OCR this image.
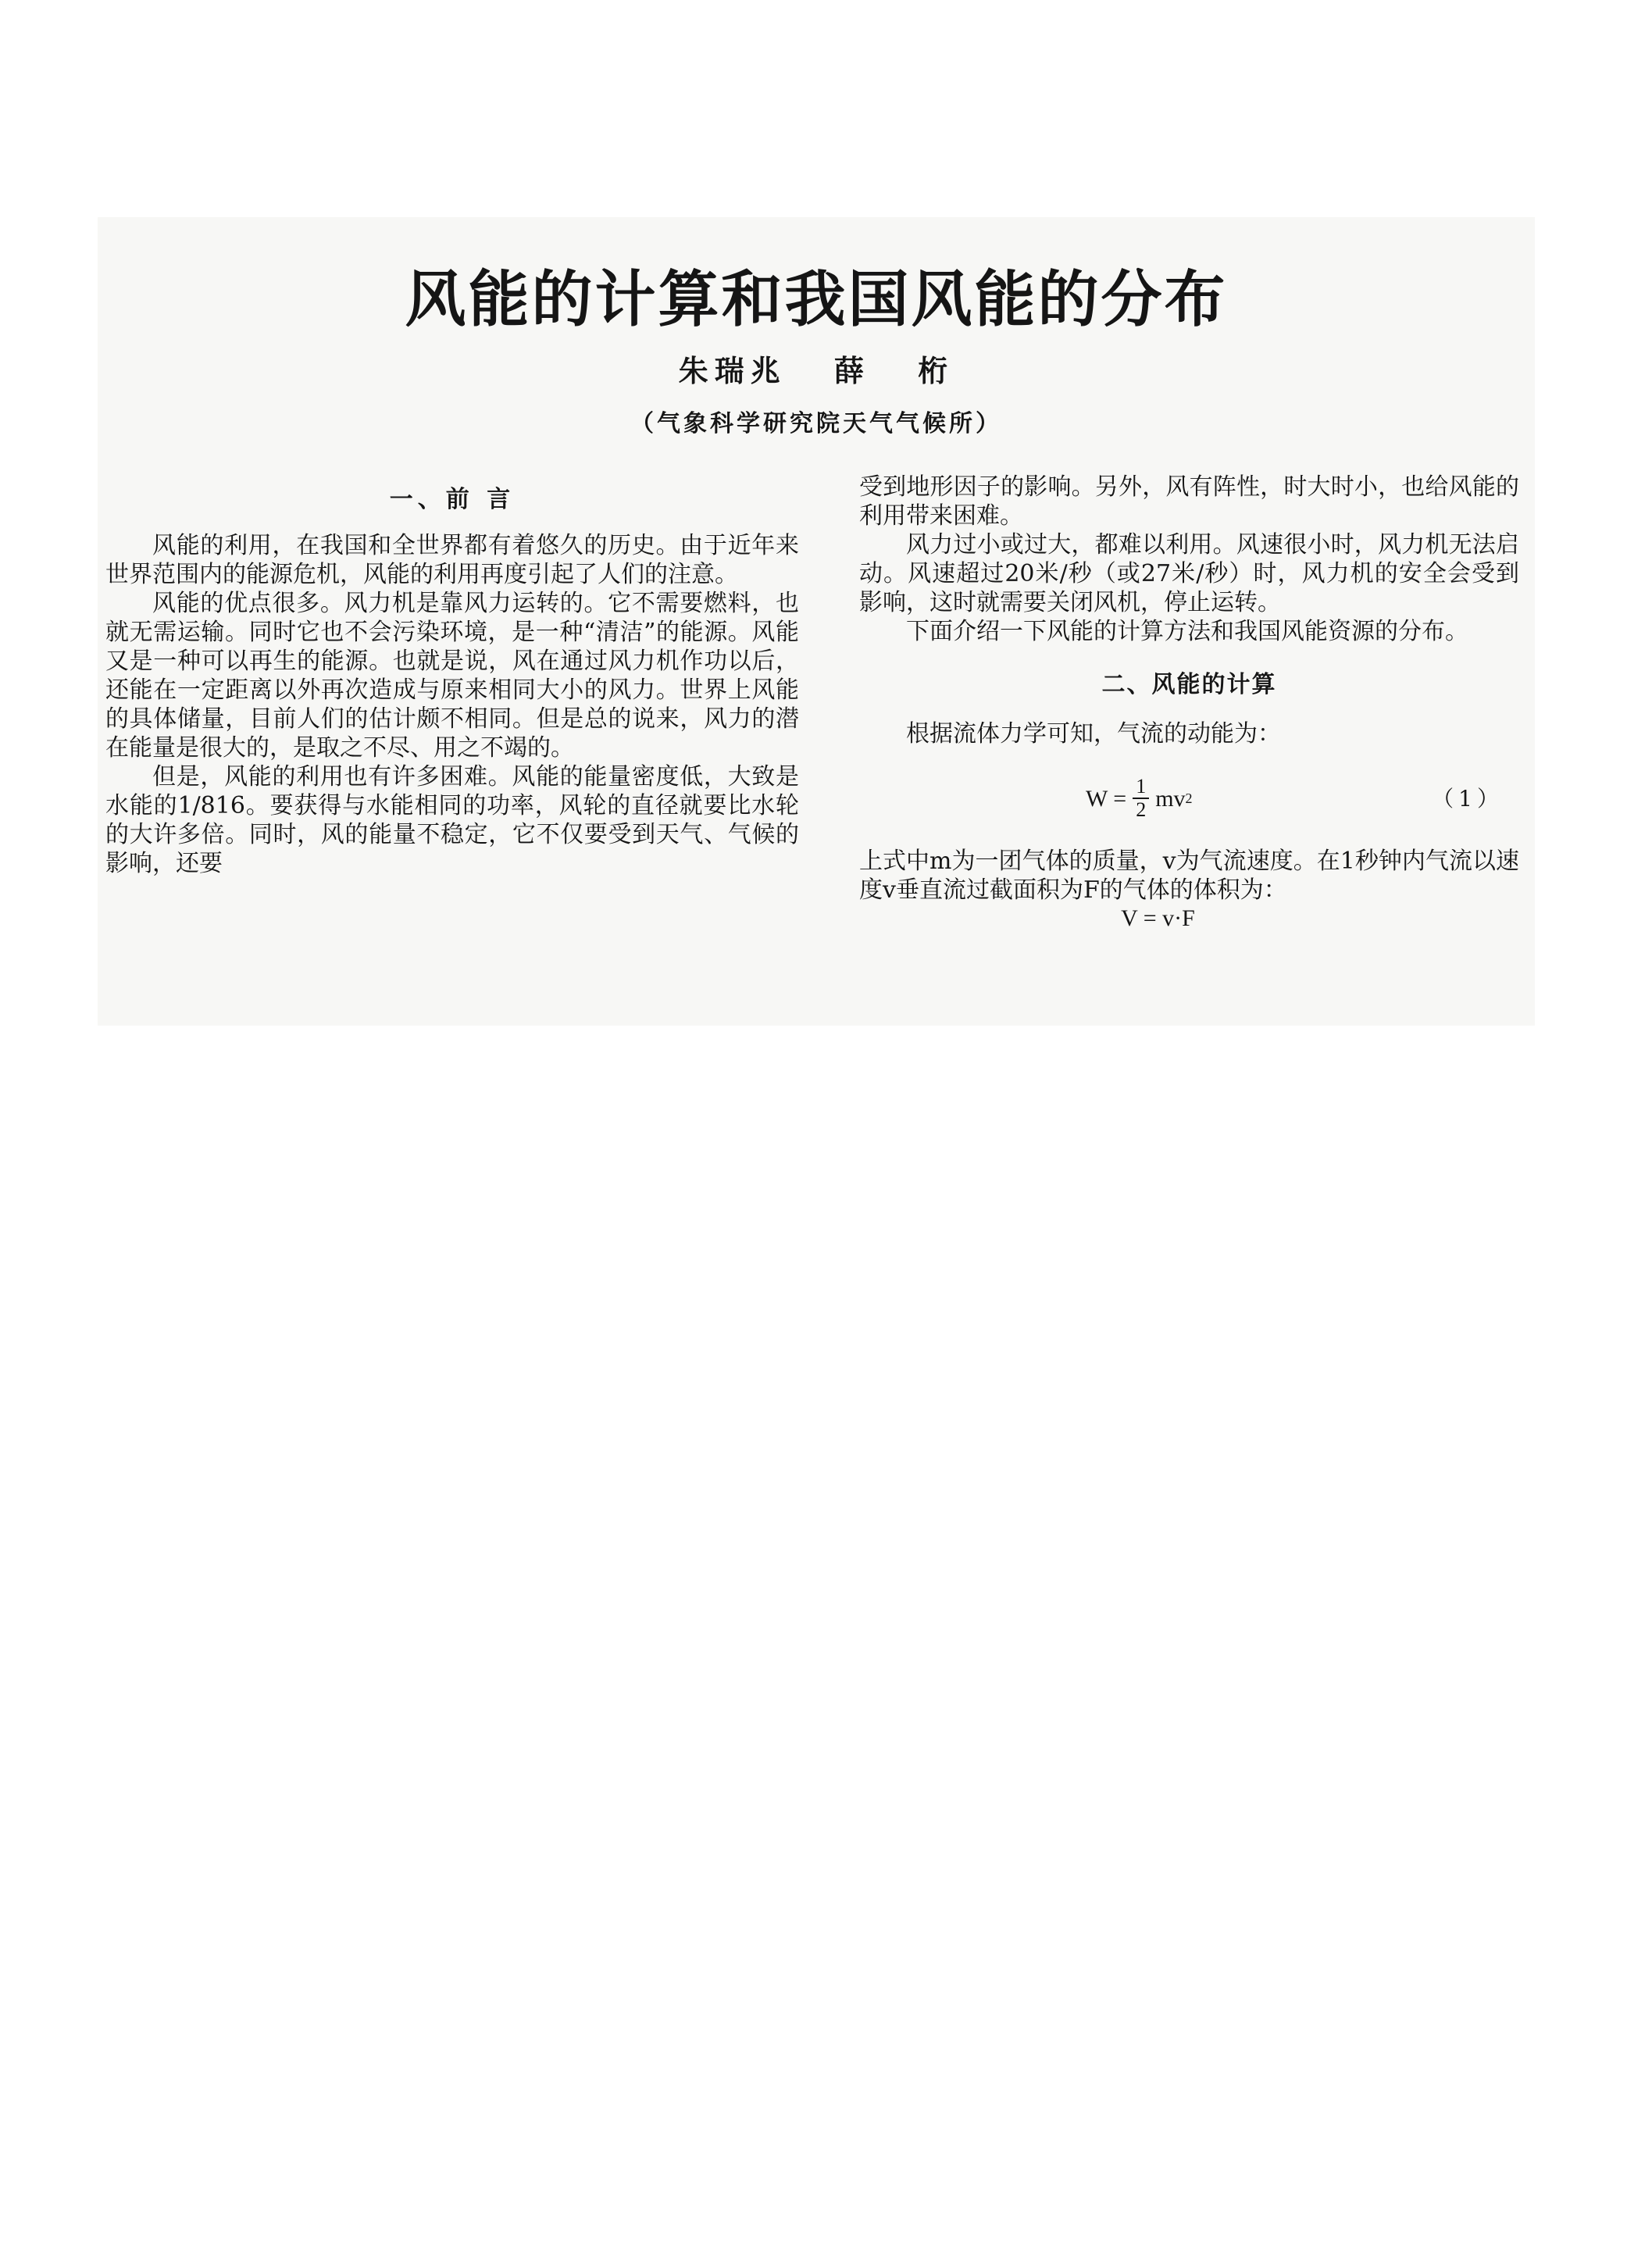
风能的计算和我国风能的分布
朱瑞兆 薛 桁
（气象科学研究院天气气候所）
一、前 言

风能的利用，在我国和全世界都有着悠久的历史。由于近年来世界范围内的能源危机，风能的利用再度引起了人们的注意。

风能的优点很多。风力机是靠风力运转的。它不需要燃料，也就无需运输。同时它也不会污染环境，是一种“清洁”的能源。风能又是一种可以再生的能源。也就是说，风在通过风力机作功以后，还能在一定距离以外再次造成与原来相同大小的风力。世界上风能的具体储量，目前人们的估计颇不相同。但是总的说来，风力的潜在能量是很大的，是取之不尽、用之不竭的。

但是，风能的利用也有许多困难。风能的能量密度低，大致是水能的1/816。要获得与水能相同的功率，风轮的直径就要比水轮的大许多倍。同时，风的能量不稳定，它不仅要受到天气、气候的影响，还要

受到地形因子的影响。另外，风有阵性，时大时小，也给风能的利用带来困难。

风力过小或过大，都难以利用。风速很小时，风力机无法启动。风速超过20米/秒（或27米/秒）时，风力机的安全会受到影响，这时就需要关闭风机，停止运转。

下面介绍一下风能的计算方法和我国风能资源的分布。

二、风能的计算

根据流体力学可知，气流的动能为：

$W = \frac{1}{2}$ mv 2	（1）

上式中m为一团气体的质量，v为气流速度。在1秒钟内气流以速度v垂直流过截面积为F的气体的体积为：

V = v·F
